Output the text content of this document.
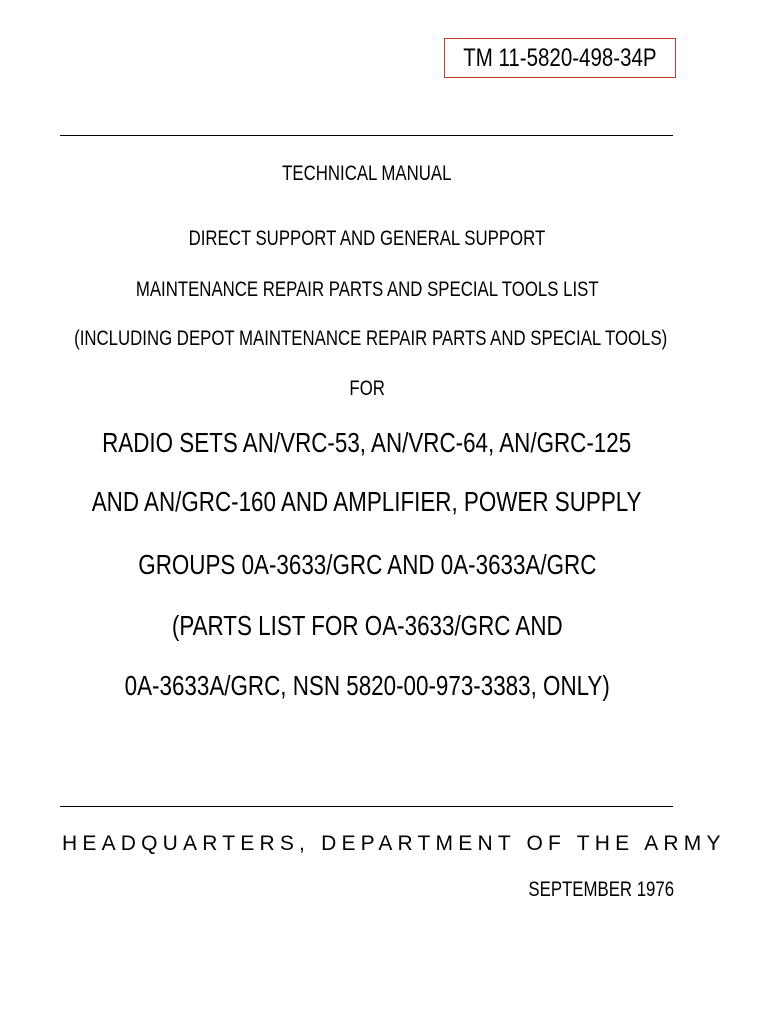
TM 11-5820-498-34P
TECHNICAL MANUAL
DIRECT SUPPORT AND GENERAL SUPPORT
MAINTENANCE REPAIR PARTS AND SPECIAL TOOLS LIST
(INCLUDING DEPOT MAINTENANCE REPAIR PARTS AND SPECIAL TOOLS)
FOR
RADIO SETS AN/VRC-53, AN/VRC-64, AN/GRC-125
AND AN/GRC-160 AND AMPLIFIER, POWER SUPPLY
GROUPS 0A-3633/GRC AND 0A-3633A/GRC
(PARTS LIST FOR OA-3633/GRC AND
0A-3633A/GRC, NSN 5820-00-973-3383, ONLY)
HEADQUARTERS, DEPARTMENT OF THE ARMY
SEPTEMBER 1976
